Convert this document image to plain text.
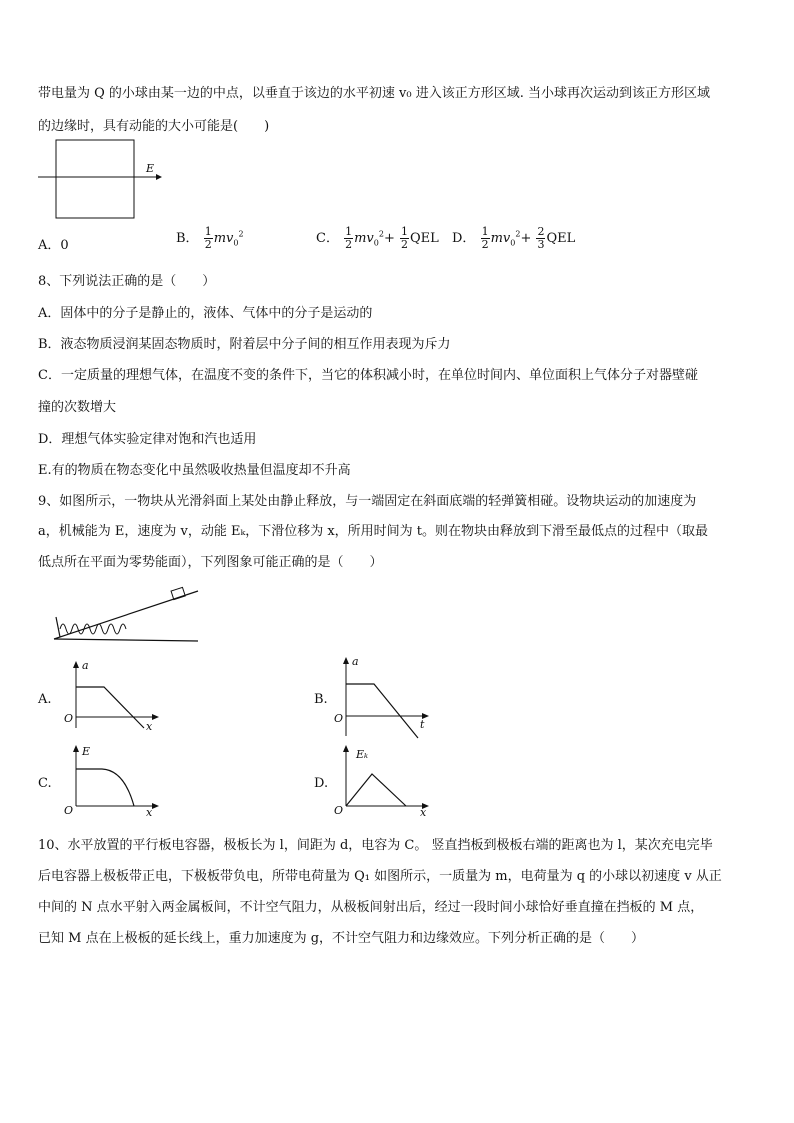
带电量为 Q 的小球由某一边的中点，以垂直于该边的水平初速 v₀ 进入该正方形区域. 当小球再次运动到该正方形区域
的边缘时，具有动能的大小可能是(　　)
E
A．0	B． $\frac{1}{2} mv_0^2$	C． $\frac{1}{2} mv_0^2+ \frac{1}{2}$ QEL D． $\frac{1}{2} mv_0^2+ \frac{2}{3}$ QEL
8、下列说法正确的是（　　）
A．固体中的分子是静止的，液体、气体中的分子是运动的
B．液态物质浸润某固态物质时，附着层中分子间的相互作用表现为斥力
C．一定质量的理想气体，在温度不变的条件下，当它的体积减小时，在单位时间内、单位面积上气体分子对器壁碰
撞的次数增大
D．理想气体实验定律对饱和汽也适用
E.有的物质在物态变化中虽然吸收热量但温度却不升高
9、如图所示，一物块从光滑斜面上某处由静止释放，与一端固定在斜面底端的轻弹簧相碰。设物块运动的加速度为
a，机械能为 E，速度为 v，动能 Eₖ，下滑位移为 x，所用时间为 t。则在物块由释放到下滑至最低点的过程中（取最
低点所在平面为零势能面），下列图象可能正确的是（　　）
A.
a
x
O
B.
a
t
O
C.
E
x
O
D.
Eₖ
x
O
10、水平放置的平行板电容器，极板长为 l，间距为 d，电容为 C。 竖直挡板到极板右端的距离也为 l，某次充电完毕
后电容器上极板带正电，下极板带负电，所带电荷量为 Q₁ 如图所示，一质量为 m，电荷量为 q 的小球以初速度 v 从正
中间的 N 点水平射入两金属板间，不计空气阻力，从极板间射出后，经过一段时间小球恰好垂直撞在挡板的 M 点，
已知 M 点在上极板的延长线上，重力加速度为 g，不计空气阻力和边缘效应。下列分析正确的是（　　）
